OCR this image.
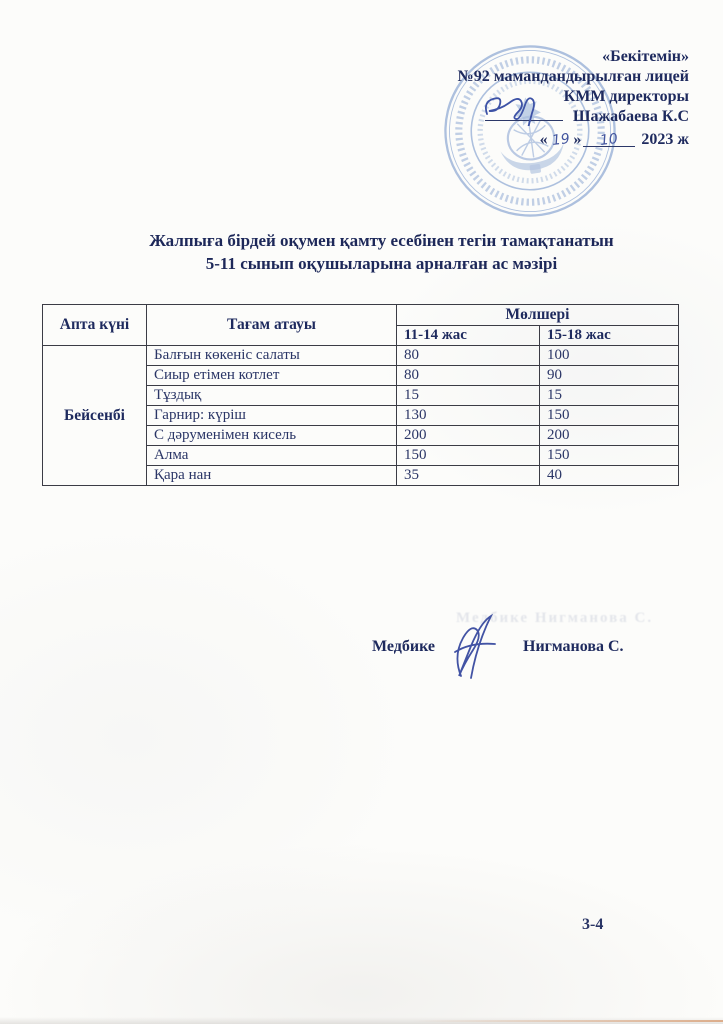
«Бекітемін»
№92 мамандандырылған лицей
КММ директоры
Шажабаева К.С
« 19 » 10 2023 ж
Жалпыға бірдей оқумен қамту есебінен тегін тамақтанатын
5-11 сынып оқушыларына арналған ас мәзірі
Апта күні	Тағам атауы	Мөлшері	
		11-14 жас	15-18 жас
Бейсенбі	Балғын көкеніс салаты	80	100
	Сиыр етімен котлет	80	90
	Тұздық	15	15
	Гарнир: күріш	130	150
	С дәруменімен кисель	200	200
	Алма	150	150
	Қара нан	35	40
Медбике Нигманова С.
Медбике	Нигманова С.
3-4
